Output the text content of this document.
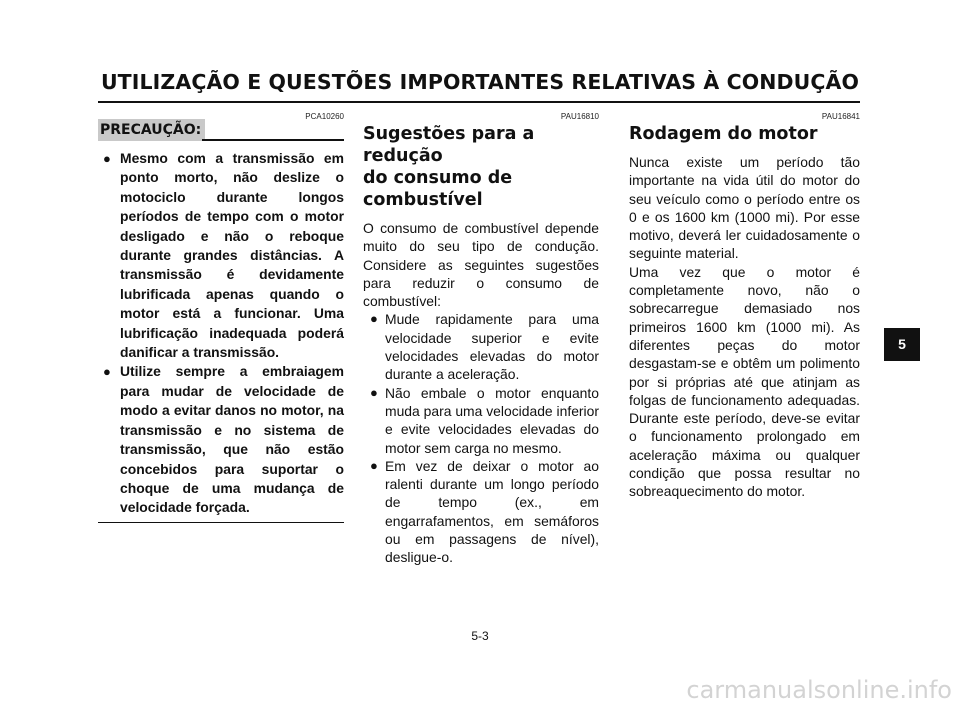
UTILIZAÇÃO E QUESTÕES IMPORTANTES RELATIVAS À CONDUÇÃO
PCA10260
PRECAUÇÃO:
● Mesmo com a transmissão em ponto morto, não deslize o motociclo durante longos períodos de tempo com o motor desligado e não o reboque durante grandes distâncias. A transmissão é devidamente lubrificada apenas quando o motor está a funcionar. Uma lubrificação inadequada poderá danificar a transmissão.
● Utilize sempre a embraiagem para mudar de velocidade de modo a evitar danos no motor, na transmissão e no sistema de transmissão, que não estão concebidos para suportar o choque de uma mudança de velocidade forçada.
PAU16810
Sugestões para a redução
do consumo de combustível

O consumo de combustível depende muito do seu tipo de condução. Considere as seguintes sugestões para reduzir o consumo de combustível:

● Mude rapidamente para uma velocidade superior e evite velocidades elevadas do motor durante a aceleração.
● Não embale o motor enquanto muda para uma velocidade inferior e evite velocidades elevadas do motor sem carga no mesmo.
● Em vez de deixar o motor ao ralenti durante um longo período de tempo (ex., em engarrafamentos, em semáforos ou em passagens de nível), desligue-o.
PAU16841
Rodagem do motor

Nunca existe um período tão importante na vida útil do motor do seu veículo como o período entre os 0 e os 1600 km (1000 mi). Por esse motivo, deverá ler cuidadosamente o seguinte material.

Uma vez que o motor é completamente novo, não o sobrecarregue demasiado nos primeiros 1600 km (1000 mi). As diferentes peças do motor desgastam-se e obtêm um polimento por si próprias até que atinjam as folgas de funcionamento adequadas. Durante este período, deve-se evitar o funcionamento prolongado em aceleração máxima ou qualquer condição que possa resultar no sobreaquecimento do motor.

5
5-3
carmanualsonline.info
